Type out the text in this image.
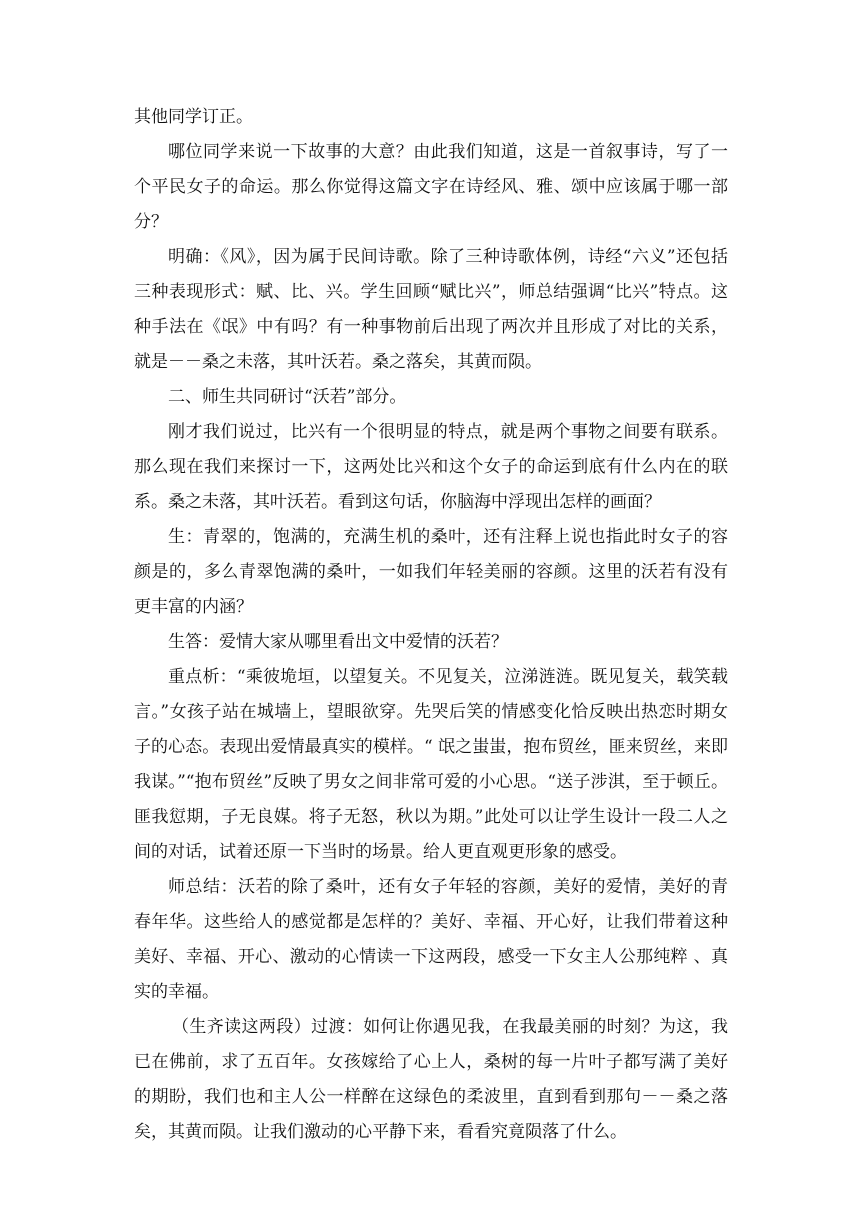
其他同学订正。

哪位同学来说一下故事的大意？由此我们知道，这是一首叙事诗，写了一个平民女子的命运。那么你觉得这篇文字在诗经风、雅、颂中应该属于哪一部分？

明确：《风》，因为属于民间诗歌。除了三种诗歌体例，诗经“六义”还包括三种表现形式：赋、比、兴。学生回顾“赋比兴”，师总结强调“比兴”特点。这种手法在《氓》中有吗？有一种事物前后出现了两次并且形成了对比的关系，就是－－桑之未落，其叶沃若。桑之落矣，其黄而陨。

二、师生共同研讨“沃若”部分。

刚才我们说过，比兴有一个很明显的特点，就是两个事物之间要有联系。那么现在我们来探讨一下，这两处比兴和这个女子的命运到底有什么内在的联系。桑之未落，其叶沃若。看到这句话，你脑海中浮现出怎样的画面？

生：青翠的，饱满的，充满生机的桑叶，还有注释上说也指此时女子的容颜是的，多么青翠饱满的桑叶，一如我们年轻美丽的容颜。这里的沃若有没有更丰富的内涵？

生答：爱情大家从哪里看出文中爱情的沃若？

重点析：“乘彼垝垣，以望复关。不见复关，泣涕涟涟。既见复关，载笑载言。”女孩子站在城墙上，望眼欲穿。先哭后笑的情感变化恰反映出热恋时期女子的心态。表现出爱情最真实的模样。“ 氓之蚩蚩，抱布贸丝，匪来贸丝，来即我谋。”“抱布贸丝”反映了男女之间非常可爱的小心思。“送子涉淇，至于顿丘。匪我愆期，子无良媒。将子无怒，秋以为期。”此处可以让学生设计一段二人之间的对话，试着还原一下当时的场景。给人更直观更形象的感受。

师总结：沃若的除了桑叶，还有女子年轻的容颜，美好的爱情，美好的青春年华。这些给人的感觉都是怎样的？美好、幸福、开心好，让我们带着这种美好、幸福、开心、激动的心情读一下这两段，感受一下女主人公那纯粹 、真实的幸福。

（生齐读这两段）过渡：如何让你遇见我，在我最美丽的时刻？为这，我已在佛前，求了五百年。女孩嫁给了心上人，桑树的每一片叶子都写满了美好的期盼，我们也和主人公一样醉在这绿色的柔波里，直到看到那句－－桑之落矣，其黄而陨。让我们激动的心平静下来，看看究竟陨落了什么。
